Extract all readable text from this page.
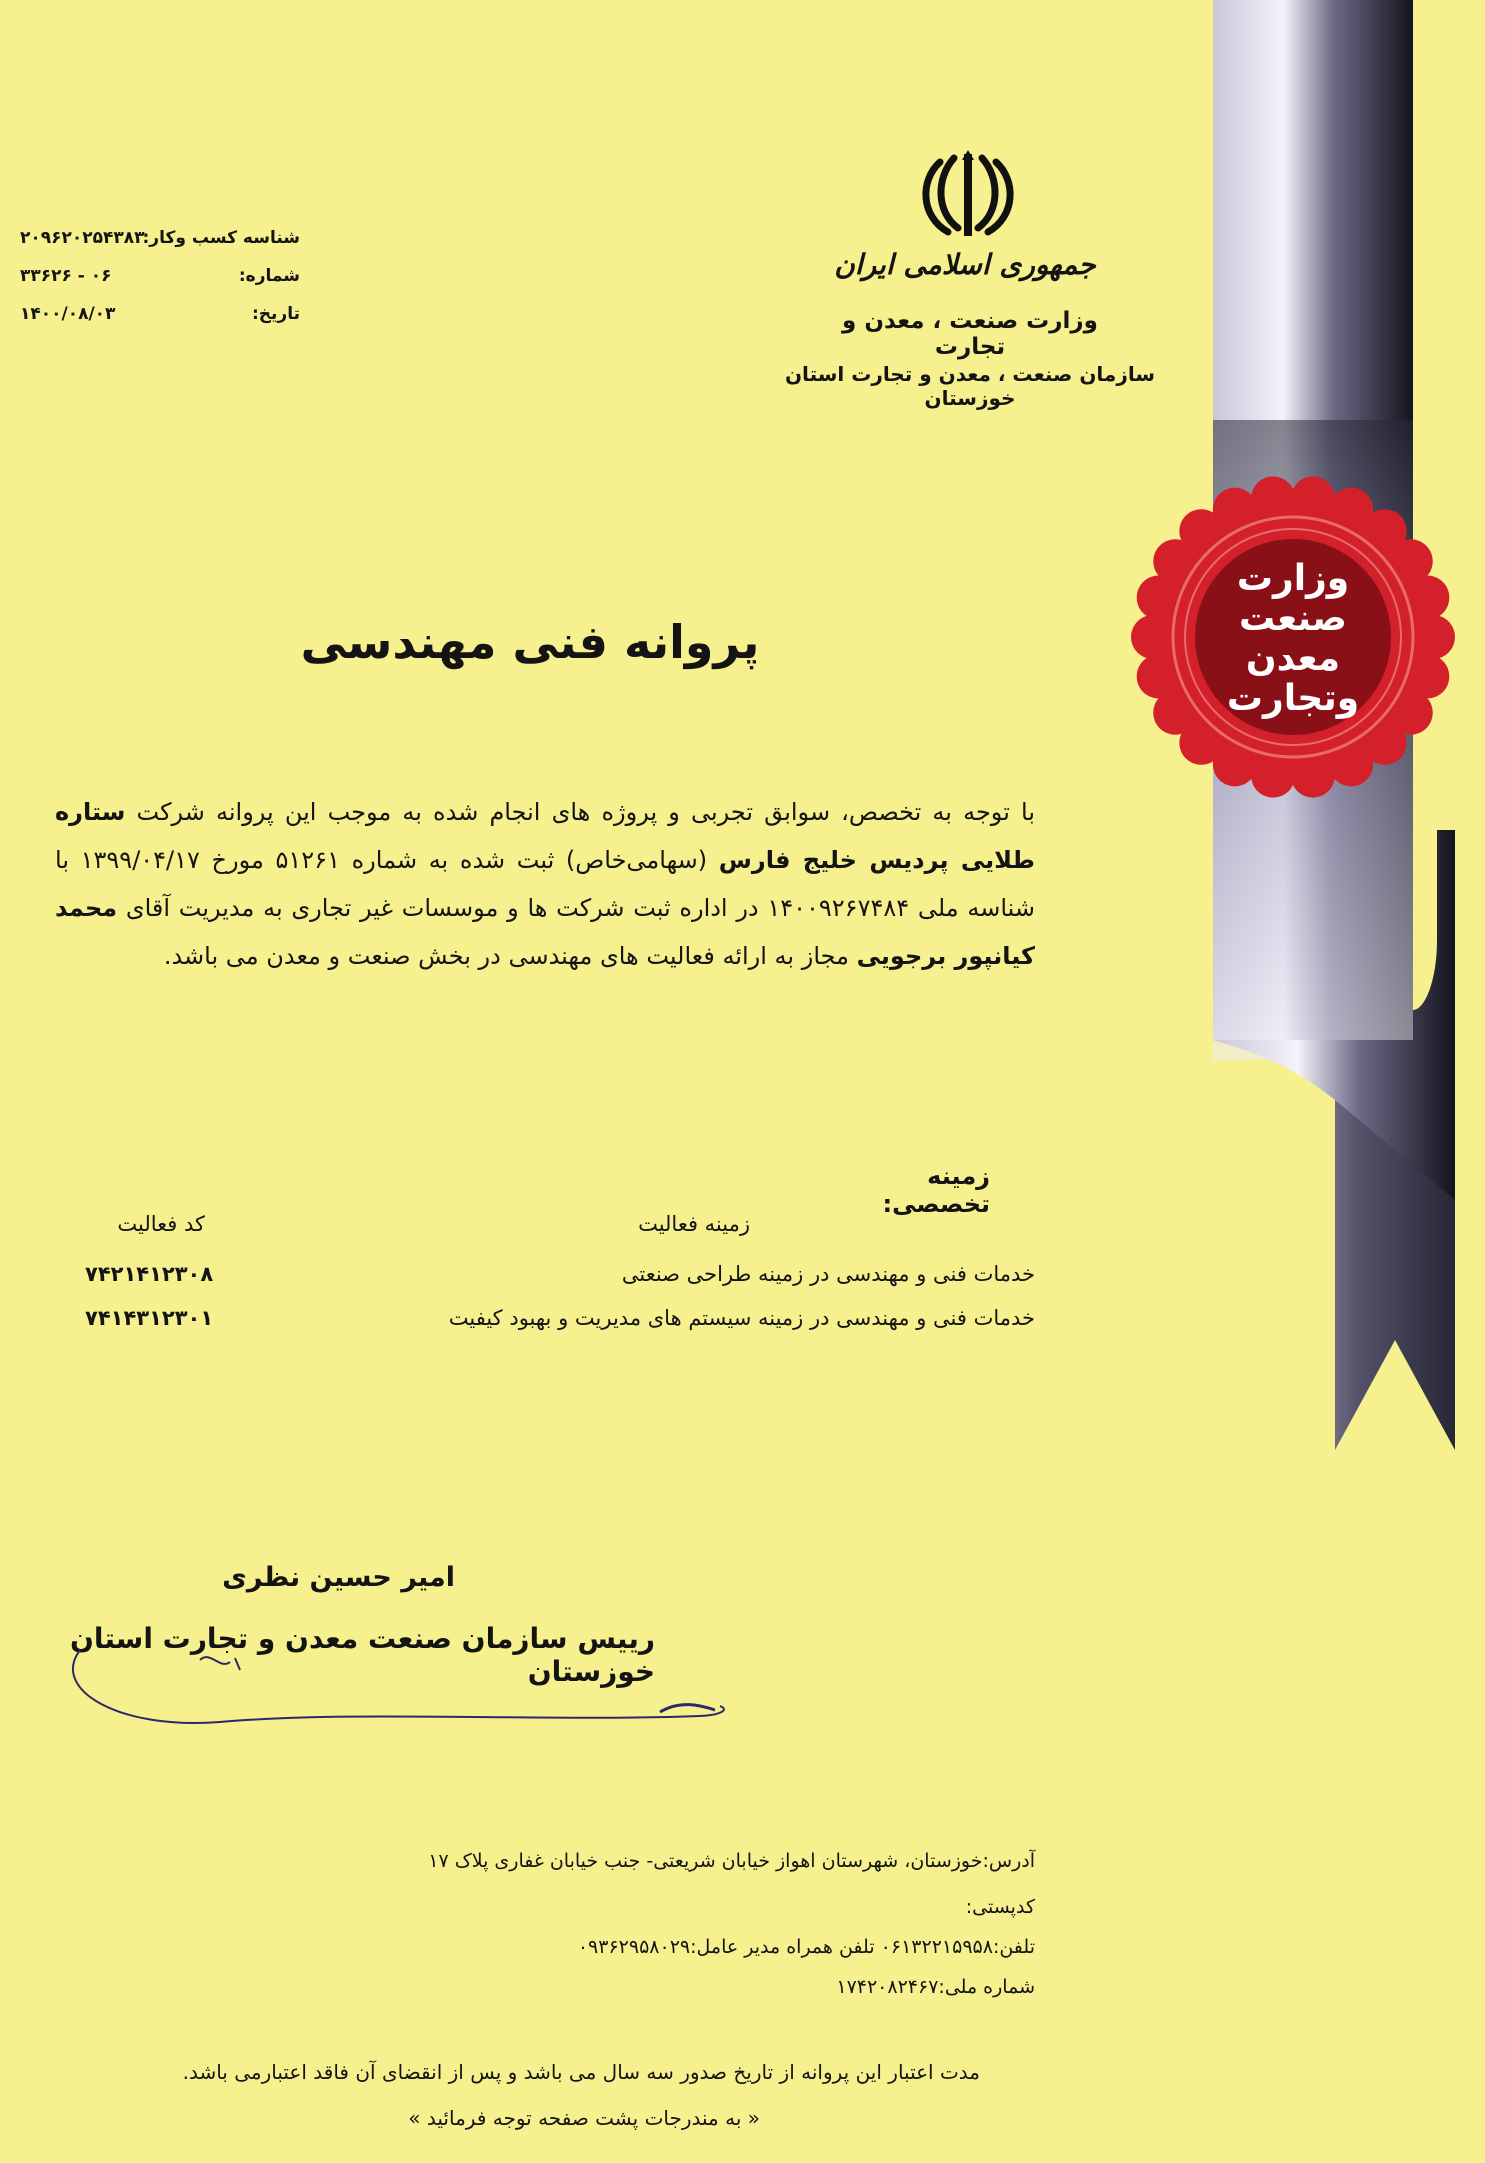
جمهوری اسلامی ایران
وزارت صنعت ، معدن و تجارت
سازمان صنعت ، معدن و تجارت استان خوزستان
شناسه کسب وکار:
۲۰۹۶۲۰۲۵۴۳۸۳
شماره:
۰۶ - ۳۳۶۲۶
تاریخ:
۱۴۰۰/۰۸/۰۳
پروانه فنی مهندسی
با توجه به تخصص، سوابق تجربی و پروژه های انجام شده به موجب این پروانه شرکت ستاره طلایی پردیس خلیج فارس (سهامی‌خاص) ثبت شده به شماره ۵۱۲۶۱ مورخ ۱۳۹۹/۰۴/۱۷ با شناسه ملی ۱۴۰۰۹۲۶۷۴۸۴ در اداره ثبت شرکت ها و موسسات غیر تجاری به مدیریت آقای محمد کیانپور برجویی مجاز به ارائه فعالیت های مهندسی در بخش صنعت و معدن می باشد.
زمینه تخصصی:
زمینه فعالیت
کد فعالیت
خدمات فنی و مهندسی در زمینه طراحی صنعتی
۷۴۲۱۴۱۲۳۰۸
خدمات فنی و مهندسی در زمینه سیستم های مدیریت و بهبود کیفیت
۷۴۱۴۳۱۲۳۰۱
امیر حسین نظری
رییس سازمان صنعت معدن و تجارت استان خوزستان
آدرس:خوزستان، شهرستان اهواز خیابان شریعتی- جنب خیابان غفاری پلاک ۱۷
کدپستی:
تلفن:۰۶۱۳۲۲۱۵۹۵۸ تلفن همراه مدیر عامل:۰۹۳۶۲۹۵۸۰۲۹
شماره ملی:۱۷۴۲۰۸۲۴۶۷
مدت اعتبار این پروانه از تاریخ صدور سه سال می باشد و پس از انقضای آن فاقد اعتبارمی باشد.
« به مندرجات پشت صفحه توجه فرمائید »
وزارت
صنعت
معدن
وتجارت
